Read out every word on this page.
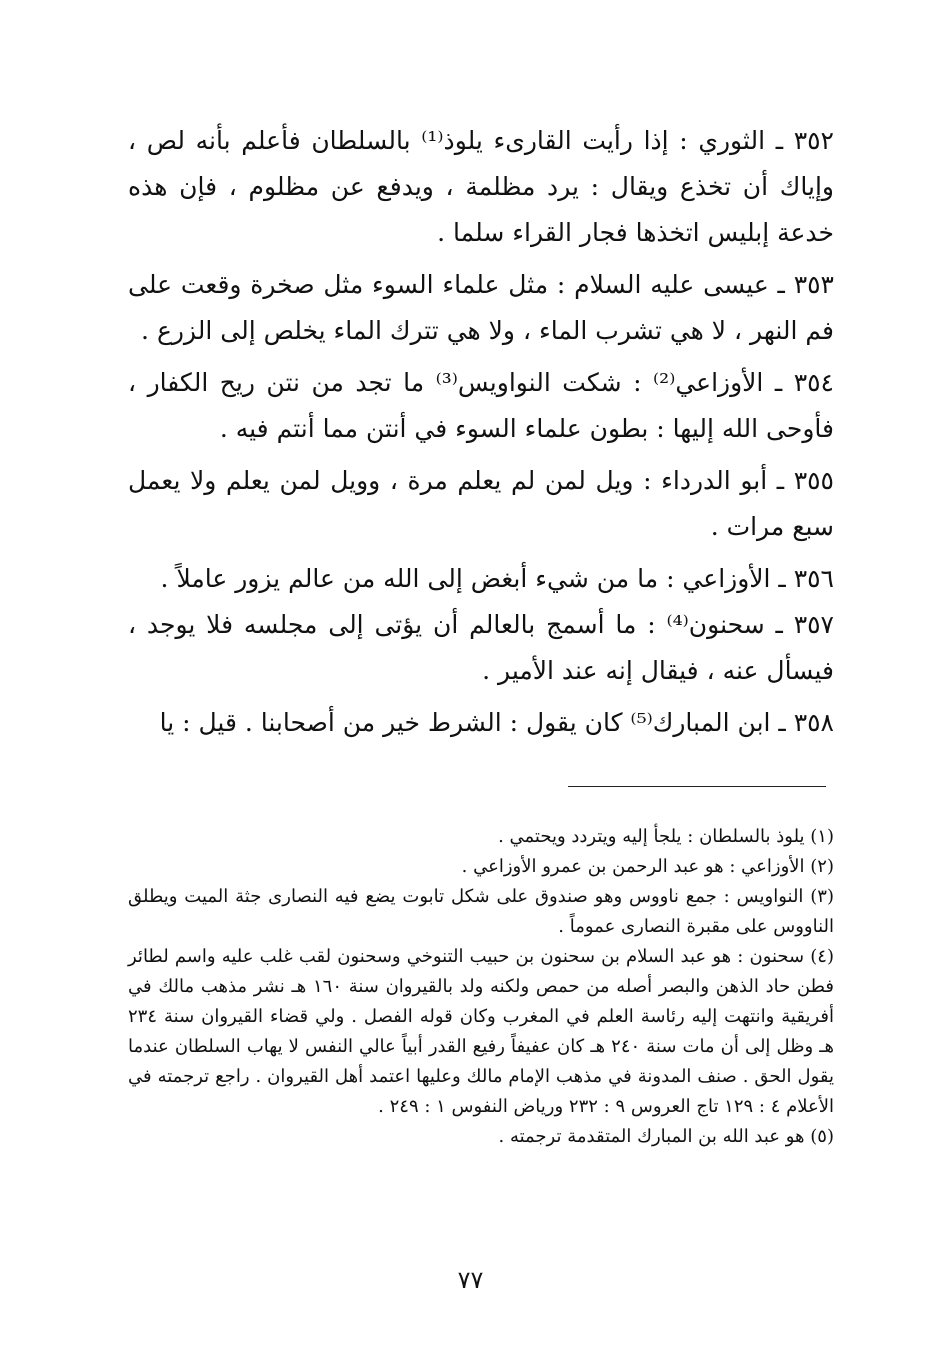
٣٥٢ ـ الثوري : إذا رأيت القارىء يلوذ⁽¹⁾ بالسلطان فأعلم بأنه لص ، وإياك أن تخذع ويقال : يرد مظلمة ، ويدفع عن مظلوم ، فإن هذه خدعة إبليس اتخذها فجار القراء سلما .

٣٥٣ ـ عيسى عليه السلام : مثل علماء السوء مثل صخرة وقعت على فم النهر ، لا هي تشرب الماء ، ولا هي تترك الماء يخلص إلى الزرع .

٣٥٤ ـ الأوزاعي⁽²⁾ : شكت النواويس⁽³⁾ ما تجد من نتن ريح الكفار ، فأوحى الله إليها : بطون علماء السوء في أنتن مما أنتم فيه .

٣٥٥ ـ أبو الدرداء : ويل لمن لم يعلم مرة ، وويل لمن يعلم ولا يعمل سبع مرات .

٣٥٦ ـ الأوزاعي : ما من شيء أبغض إلى الله من عالم يزور عاملاً .

٣٥٧ ـ سحنون⁽⁴⁾ : ما أسمج بالعالم أن يؤتى إلى مجلسه فلا يوجد ، فيسأل عنه ، فيقال إنه عند الأمير .

٣٥٨ ـ ابن المبارك⁽⁵⁾ كان يقول : الشرط خير من أصحابنا . قيل : يا

(١) يلوذ بالسلطان : يلجأ إليه ويتردد ويحتمي .

(٢) الأوزاعي : هو عبد الرحمن بن عمرو الأوزاعي .

(٣) النواويس : جمع ناووس وهو صندوق على شكل تابوت يضع فيه النصارى جثة الميت ويطلق الناووس على مقبرة النصارى عموماً .

(٤) سحنون : هو عبد السلام بن سحنون بن حبيب التنوخي وسحنون لقب غلب عليه واسم لطائر فطن حاد الذهن والبصر أصله من حمص ولكنه ولد بالقيروان سنة ١٦٠ هـ نشر مذهب مالك في أفريقية وانتهت إليه رئاسة العلم في المغرب وكان قوله الفصل . ولي قضاء القيروان سنة ٢٣٤ هـ وظل إلى أن مات سنة ٢٤٠ هـ كان عفيفاً رفيع القدر أبياً عالي النفس لا يهاب السلطان عندما يقول الحق . صنف المدونة في مذهب الإمام مالك وعليها اعتمد أهل القيروان . راجع ترجمته في الأعلام ٤ : ١٢٩ تاج العروس ٩ : ٢٣٢ ورياض النفوس ١ : ٢٤٩ .

(٥) هو عبد الله بن المبارك المتقدمة ترجمته .

٧٧
